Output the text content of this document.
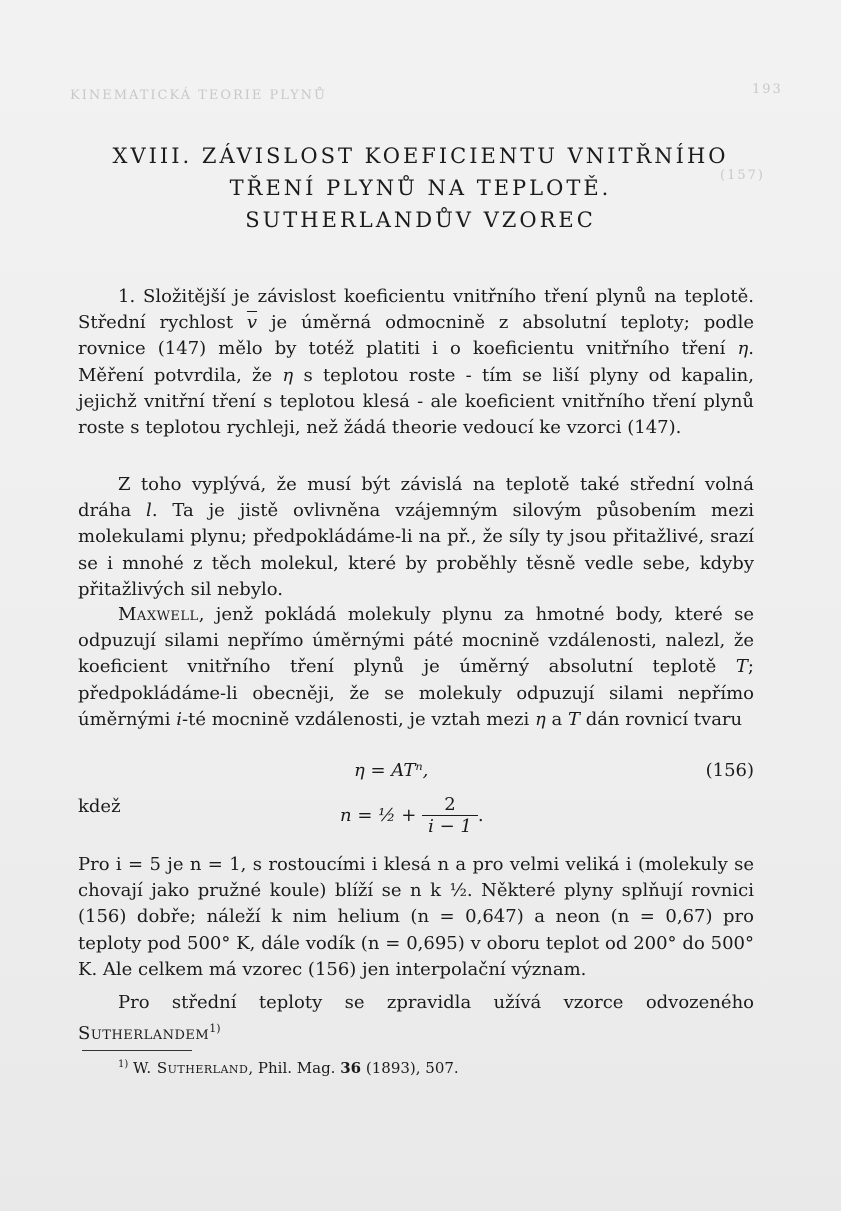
KINEMATICKÁ TEORIE PLYNŮ	193
(157)
XVIII. ZÁVISLOST KOEFICIENTU VNITŘNÍHO
TŘENÍ PLYNŮ NA TEPLOTĚ.
SUTHERLANDŮV VZOREC

1. Složitější je závislost koeficientu vnitřního tření plynů na teplotě. Střední rychlost $\overline{v}$ je úměrná odmocnině z absolutní teploty; podle rovnice (147) mělo by totéž platiti i o koeficientu vnitřního tření η. Měření potvrdila, že η s teplotou roste - tím se liší plyny od kapalin, jejichž vnitřní tření s teplotou klesá - ale koeficient vnitřního tření plynů roste s teplotou rychleji, než žádá theorie vedoucí ke vzorci (147).

Z toho vyplývá, že musí být závislá na teplotě také střední volná dráha l. Ta je jistě ovlivněna vzájemným silovým působením mezi molekulami plynu; předpokládáme-li na př., že síly ty jsou přitažlivé, srazí se i mnohé z těch molekul, které by proběhly těsně vedle sebe, kdyby přitažlivých sil nebylo.

Maxwell, jenž pokládá molekuly plynu za hmotné body, které se odpuzují silami nepřímo úměrnými páté mocnině vzdálenosti, nalezl, že koeficient vnitřního tření plynů je úměrný absolutní teplotě T; předpokládáme-li obecněji, že se molekuly odpuzují silami nepřímo úměrnými i-té mocnině vzdálenosti, je vztah mezi η a T dán rovnicí tvaru

η = ATⁿ,	(156)
kdež	n = ½ + $\frac{2}{i - 1}$ .

Pro i = 5 je n = 1, s rostoucími i klesá n a pro velmi veliká i (molekuly se chovají jako pružné koule) blíží se n k ½. Některé plyny splňují rovnici (156) dobře; náleží k nim helium (n = 0,647) a neon (n = 0,67) pro teploty pod 500° K, dále vodík (n = 0,695) v oboru teplot od 200° do 500° K. Ale celkem má vzorec (156) jen interpolační význam.

Pro střední teploty se zpravidla užívá vzorce odvozeného Sutherlandem$^{1)}$

$^{1)}$ W. Sutherland, Phil. Mag. 36 (1893), 507.
